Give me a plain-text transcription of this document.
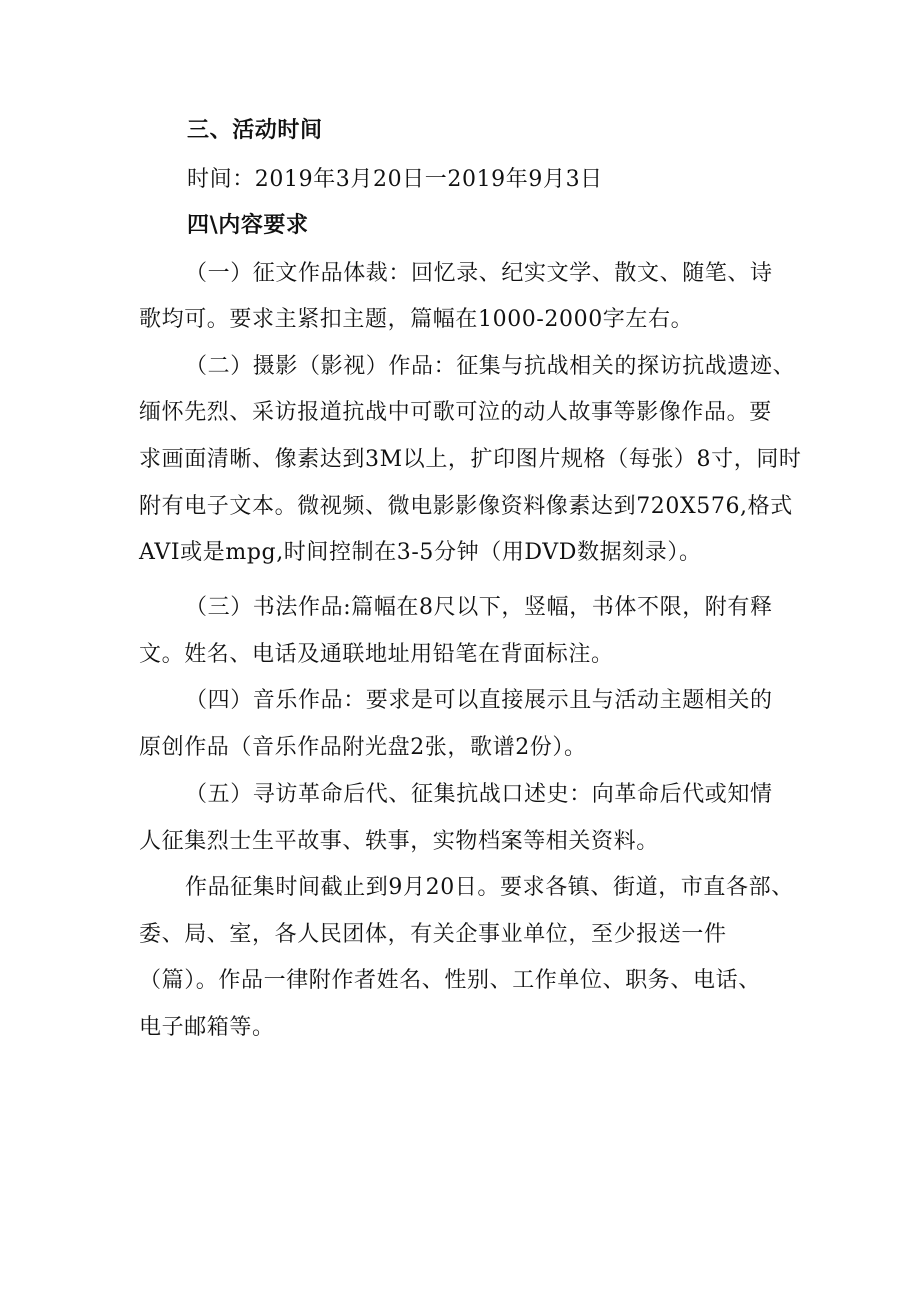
三、活动时间

时间：2019年3月20日一2019年9月3日

四\内容要求

（一）征文作品体裁：回忆录、纪实文学、散文、随笔、诗

歌均可。要求主紧扣主题，篇幅在1000-2000字左右。

（二）摄影（影视）作品：征集与抗战相关的探访抗战遗迹、

缅怀先烈、采访报道抗战中可歌可泣的动人故事等影像作品。要

求画面清晰、像素达到3M以上，扩印图片规格（每张）8寸，同时

附有电子文本。微视频、微电影影像资料像素达到720X576,格式

AVI或是mpg,时间控制在3-5分钟（用DVD数据刻录）。

（三）书法作品:篇幅在8尺以下，竖幅，书体不限，附有释

文。姓名、电话及通联地址用铅笔在背面标注。

（四）音乐作品：要求是可以直接展示且与活动主题相关的

原创作品（音乐作品附光盘2张，歌谱2份）。

（五）寻访革命后代、征集抗战口述史：向革命后代或知情

人征集烈士生平故事、轶事，实物档案等相关资料。

作品征集时间截止到9月20日。要求各镇、街道，市直各部、

委、局、室，各人民团体，有关企事业单位，至少报送一件

（篇）。作品一律附作者姓名、性别、工作单位、职务、电话、

电子邮箱等。
